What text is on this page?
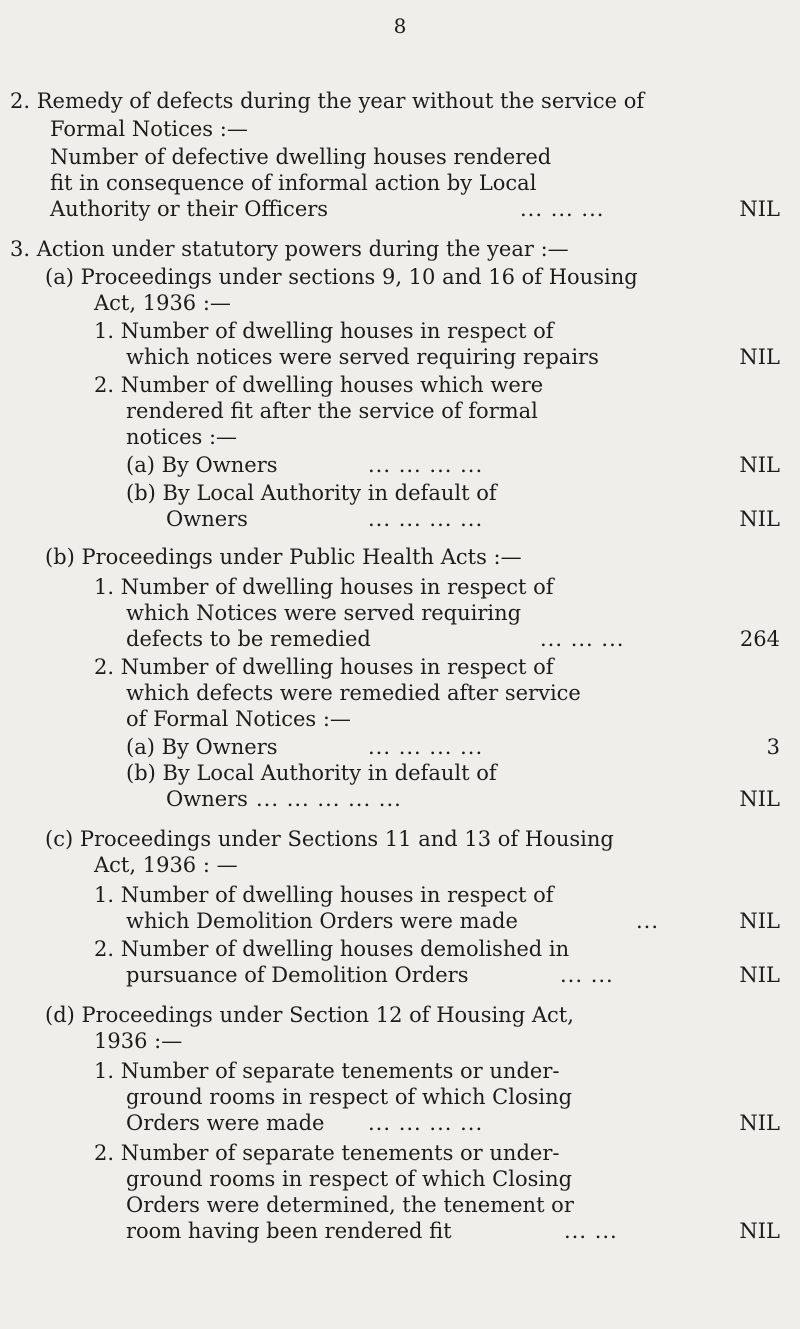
8
2. Remedy of defects during the year without the service of
Formal Notices :—
Number of defective dwelling houses rendered
fit in consequence of informal action by Local
Authority or their Officers	... ... ...	NIL
3. Action under statutory powers during the year :—
(a) Proceedings under sections 9, 10 and 16 of Housing
Act, 1936 :—
1. Number of dwelling houses in respect of
which notices were served requiring repairs	NIL
2. Number of dwelling houses which were
rendered fit after the service of formal
notices :—
(a) By Owners	... ... ... ...	NIL
(b) By Local Authority in default of
Owners	... ... ... ...	NIL
(b) Proceedings under Public Health Acts :—
1. Number of dwelling houses in respect of
which Notices were served requiring
defects to be remedied	... ... ...	264
2. Number of dwelling houses in respect of
which defects were remedied after service
of Formal Notices :—
(a) By Owners	... ... ... ...	3
(b) By Local Authority in default of
Owners ... ... ... ... ...	NIL
(c) Proceedings under Sections 11 and 13 of Housing
Act, 1936 : —
1. Number of dwelling houses in respect of
which Demolition Orders were made	...	NIL
2. Number of dwelling houses demolished in
pursuance of Demolition Orders	... ...	NIL
(d) Proceedings under Section 12 of Housing Act,
1936 :—
1. Number of separate tenements or under-
ground rooms in respect of which Closing
Orders were made ... ... ... ...	NIL
2. Number of separate tenements or under-
ground rooms in respect of which Closing
Orders were determined, the tenement or
room having been rendered fit	... ...	NIL
